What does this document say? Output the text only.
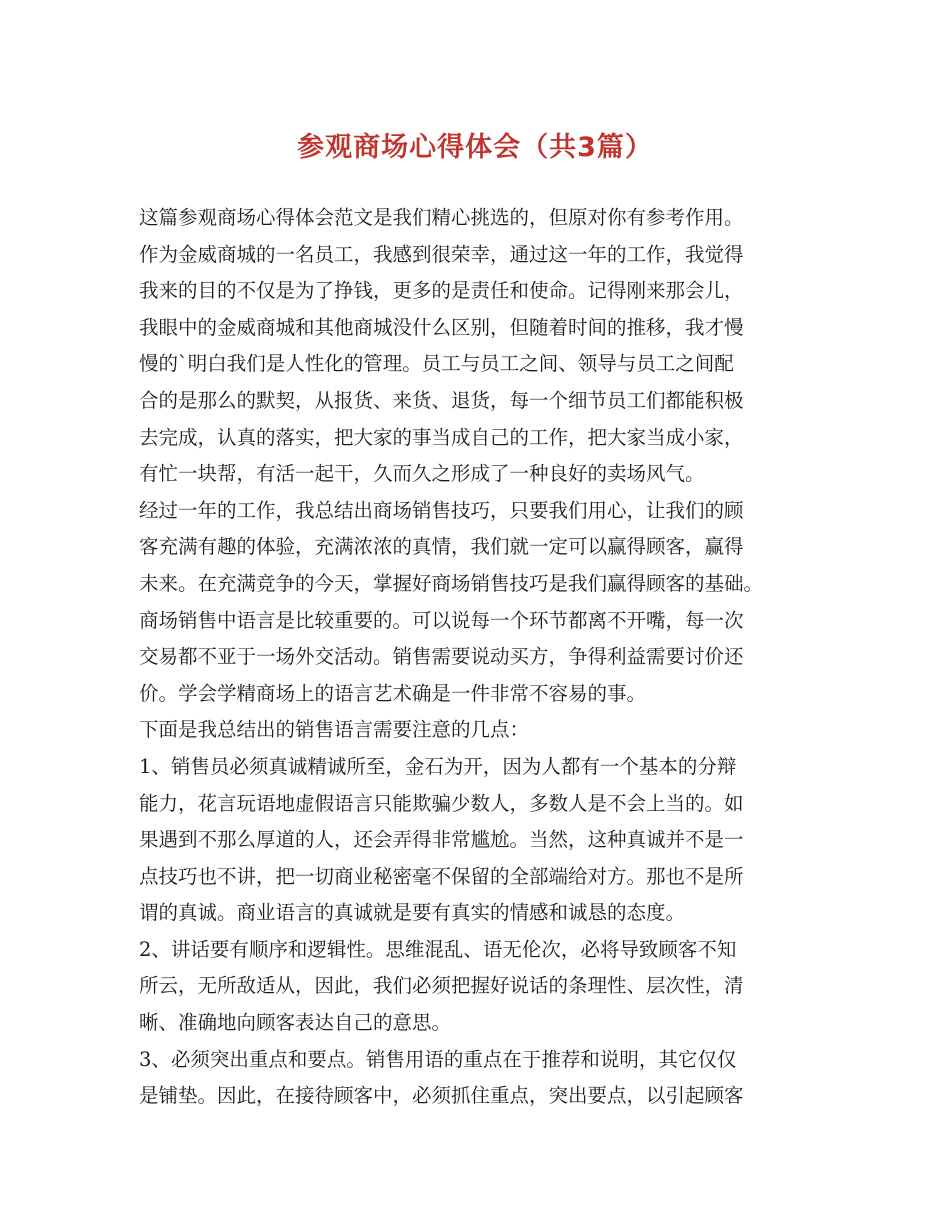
参观商场心得体会（共3篇）
这篇参观商场心得体会范文是我们精心挑选的，但原对你有参考作用。
作为金威商城的一名员工，我感到很荣幸，通过这一年的工作，我觉得
我来的目的不仅是为了挣钱，更多的是责任和使命。记得刚来那会儿，
我眼中的金威商城和其他商城没什么区别，但随着时间的推移，我才慢
慢的`明白我们是人性化的管理。员工与员工之间、领导与员工之间配
合的是那么的默契，从报货、来货、退货，每一个细节员工们都能积极
去完成，认真的落实，把大家的事当成自己的工作，把大家当成小家，
有忙一块帮，有活一起干，久而久之形成了一种良好的卖场风气。
经过一年的工作，我总结出商场销售技巧，只要我们用心，让我们的顾
客充满有趣的体验，充满浓浓的真情，我们就一定可以赢得顾客，赢得
未来。在充满竞争的今天，掌握好商场销售技巧是我们赢得顾客的基础。
商场销售中语言是比较重要的。可以说每一个环节都离不开嘴，每一次
交易都不亚于一场外交活动。销售需要说动买方，争得利益需要讨价还
价。学会学精商场上的语言艺术确是一件非常不容易的事。
下面是我总结出的销售语言需要注意的几点：
1、销售员必须真诚精诚所至，金石为开，因为人都有一个基本的分辩
能力，花言玩语地虚假语言只能欺骗少数人，多数人是不会上当的。如
果遇到不那么厚道的人，还会弄得非常尴尬。当然，这种真诚并不是一
点技巧也不讲，把一切商业秘密毫不保留的全部端给对方。那也不是所
谓的真诚。商业语言的真诚就是要有真实的情感和诚恳的态度。
2、讲话要有顺序和逻辑性。思维混乱、语无伦次，必将导致顾客不知
所云，无所敌适从，因此，我们必须把握好说话的条理性、层次性，清
晰、准确地向顾客表达自己的意思。
3、必须突出重点和要点。销售用语的重点在于推荐和说明，其它仅仅
是铺垫。因此，在接待顾客中，必须抓住重点，突出要点，以引起顾客
